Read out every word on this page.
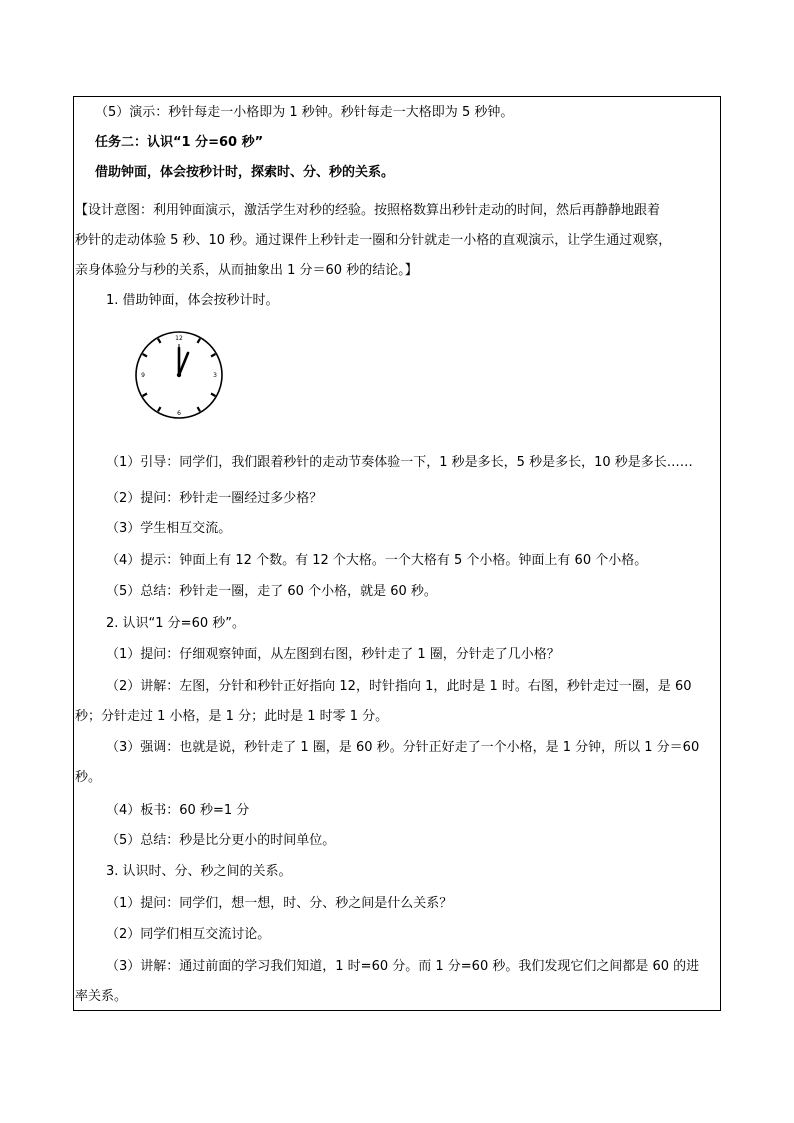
（5）演示：秒针每走一小格即为 1 秒钟。秒针每走一大格即为 5 秒钟。
任务二：认识“1 分=60 秒”
借助钟面，体会按秒计时，探索时、分、秒的关系。
【设计意图：利用钟面演示，激活学生对秒的经验。按照格数算出秒针走动的时间，然后再静静地跟着
秒针的走动体验 5 秒、10 秒。通过课件上秒针走一圈和分针就走一小格的直观演示，让学生通过观察，
亲身体验分与秒的关系，从而抽象出 1 分＝60 秒的结论。】
1. 借助钟面，体会按秒计时。
12
3
6
9
（1）引导：同学们，我们跟着秒针的走动节奏体验一下，1 秒是多长，5 秒是多长，10 秒是多长……
（2）提问：秒针走一圈经过多少格？
（3）学生相互交流。
（4）提示：钟面上有 12 个数。有 12 个大格。一个大格有 5 个小格。钟面上有 60 个小格。
（5）总结：秒针走一圈，走了 60 个小格，就是 60 秒。
2. 认识“1 分=60 秒”。
（1）提问：仔细观察钟面，从左图到右图，秒针走了 1 圈，分针走了几小格？
（2）讲解：左图，分针和秒针正好指向 12，时针指向 1，此时是 1 时。右图，秒针走过一圈，是 60
秒；分针走过 1 小格，是 1 分；此时是 1 时零 1 分。
（3）强调：也就是说，秒针走了 1 圈，是 60 秒。分针正好走了一个小格，是 1 分钟，所以 1 分＝60
秒。
（4）板书：60 秒=1 分
（5）总结：秒是比分更小的时间单位。
3. 认识时、分、秒之间的关系。
（1）提问：同学们，想一想，时、分、秒之间是什么关系？
（2）同学们相互交流讨论。
（3）讲解：通过前面的学习我们知道，1 时=60 分。而 1 分=60 秒。我们发现它们之间都是 60 的进
率关系。
